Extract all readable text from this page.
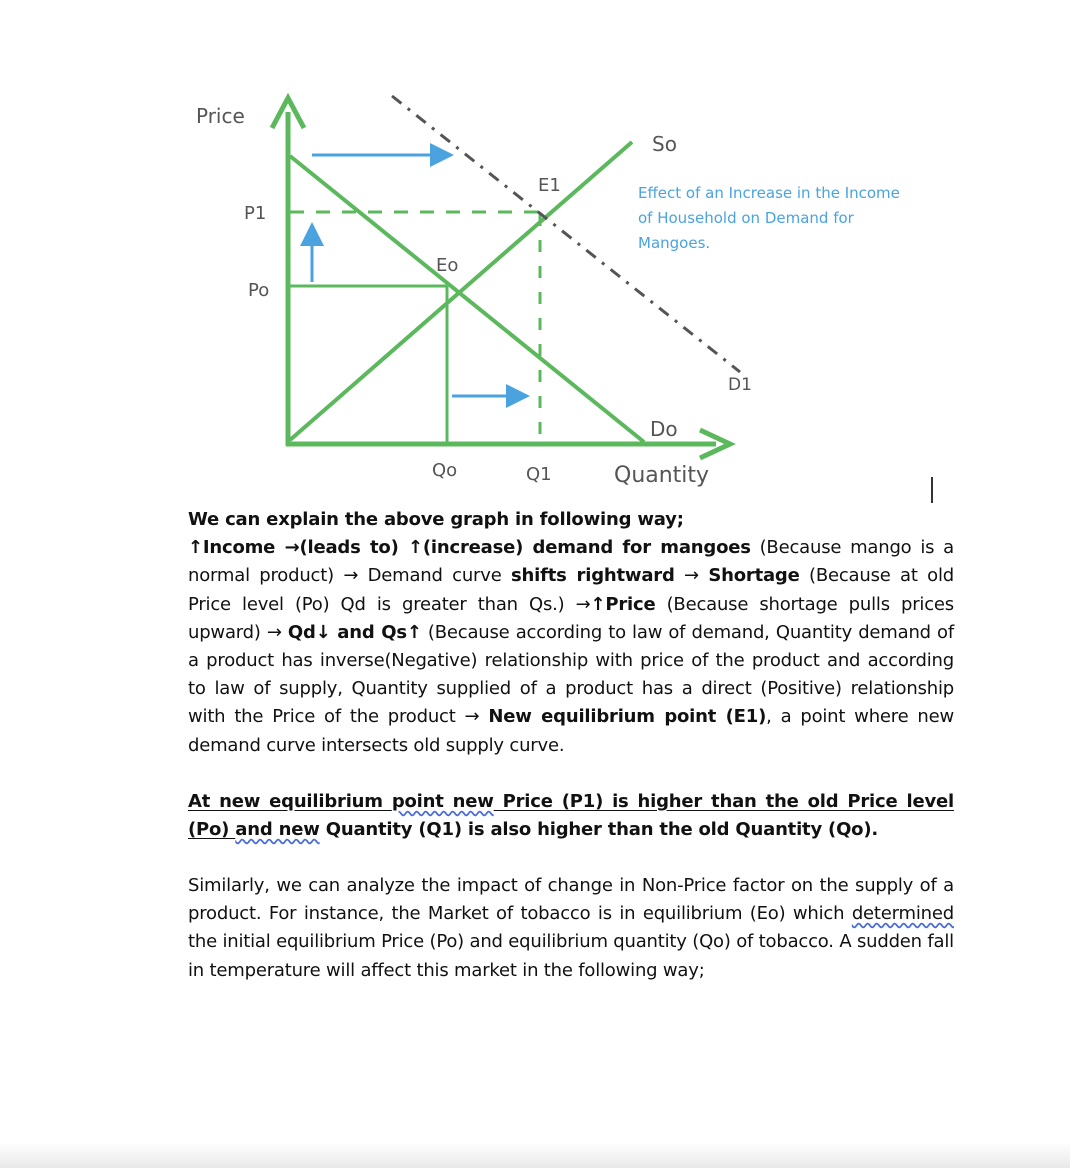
Price
P1
Po
Eo
E1
So
D1
Do
Qo	Q1	Quantity
Effect of an Increase in the Income
of Household on Demand for
Mangoes.
We can explain the above graph in following way;
↑Income →(leads to) ↑(increase) demand for mangoes (Because mango is a normal product) → Demand curve shifts rightward → Shortage (Because at old Price level (Po) Qd is greater than Qs.) →↑Price (Because shortage pulls prices upward) → Qd↓ and Qs↑ (Because according to law of demand, Quantity demand of a product has inverse(Negative) relationship with price of the product and according to law of supply, Quantity supplied of a product has a direct (Positive) relationship with the Price of the product → New equilibrium point (E1), a point where new demand curve intersects old supply curve.
At new equilibrium point new Price (P1) is higher than the old Price level (Po) and new Quantity (Q1) is also higher than the old Quantity (Qo).
Similarly, we can analyze the impact of change in Non-Price factor on the supply of a product. For instance, the Market of tobacco is in equilibrium (Eo) which determined the initial equilibrium Price (Po) and equilibrium quantity (Qo) of tobacco. A sudden fall in temperature will affect this market in the following way;
